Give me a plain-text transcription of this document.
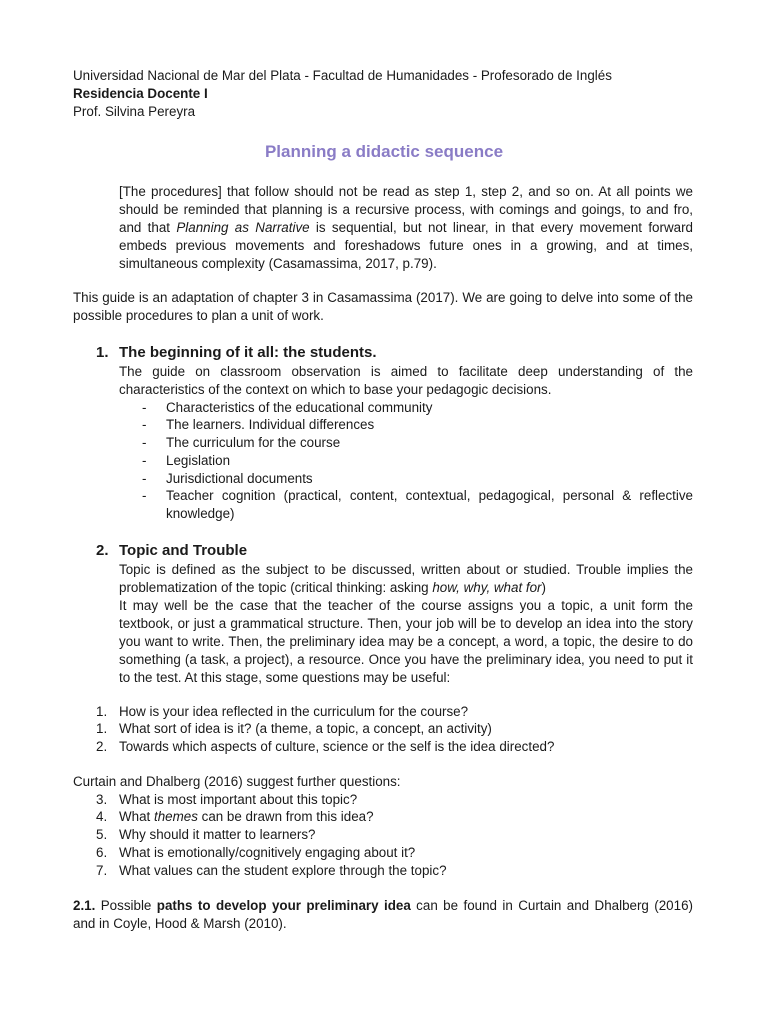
Universidad Nacional de Mar del Plata - Facultad de Humanidades - Profesorado de Inglés
Residencia Docente I
Prof. Silvina Pereyra
Planning a didactic sequence
[The procedures] that follow should not be read as step 1, step 2, and so on. At all points we should be reminded that planning is a recursive process, with comings and goings, to and fro, and that Planning as Narrative is sequential, but not linear, in that every movement forward embeds previous movements and foreshadows future ones in a growing, and at times, simultaneous complexity (Casamassima, 2017, p.79).
This guide is an adaptation of chapter 3 in Casamassima (2017). We are going to delve into some of the possible procedures to plan a unit of work.
1. The beginning of it all: the students.
The guide on classroom observation is aimed to facilitate deep understanding of the characteristics of the context on which to base your pedagogic decisions.
- Characteristics of the educational community
- The learners. Individual differences
- The curriculum for the course
- Legislation
- Jurisdictional documents
- Teacher cognition (practical, content, contextual, pedagogical, personal & reflective knowledge)
2. Topic and Trouble
Topic is defined as the subject to be discussed, written about or studied. Trouble implies the problematization of the topic (critical thinking: asking how, why, what for)
It may well be the case that the teacher of the course assigns you a topic, a unit form the textbook, or just a grammatical structure. Then, your job will be to develop an idea into the story you want to write. Then, the preliminary idea may be a concept, a word, a topic, the desire to do something (a task, a project), a resource. Once you have the preliminary idea, you need to put it to the test. At this stage, some questions may be useful:
1. How is your idea reflected in the curriculum for the course?
1. What sort of idea is it? (a theme, a topic, a concept, an activity)
2. Towards which aspects of culture, science or the self is the idea directed?
Curtain and Dhalberg (2016) suggest further questions:
3. What is most important about this topic?
4. What themes can be drawn from this idea?
5. Why should it matter to learners?
6. What is emotionally/cognitively engaging about it?
7. What values can the student explore through the topic?
2.1. Possible paths to develop your preliminary idea can be found in Curtain and Dhalberg (2016) and in Coyle, Hood & Marsh (2010).
